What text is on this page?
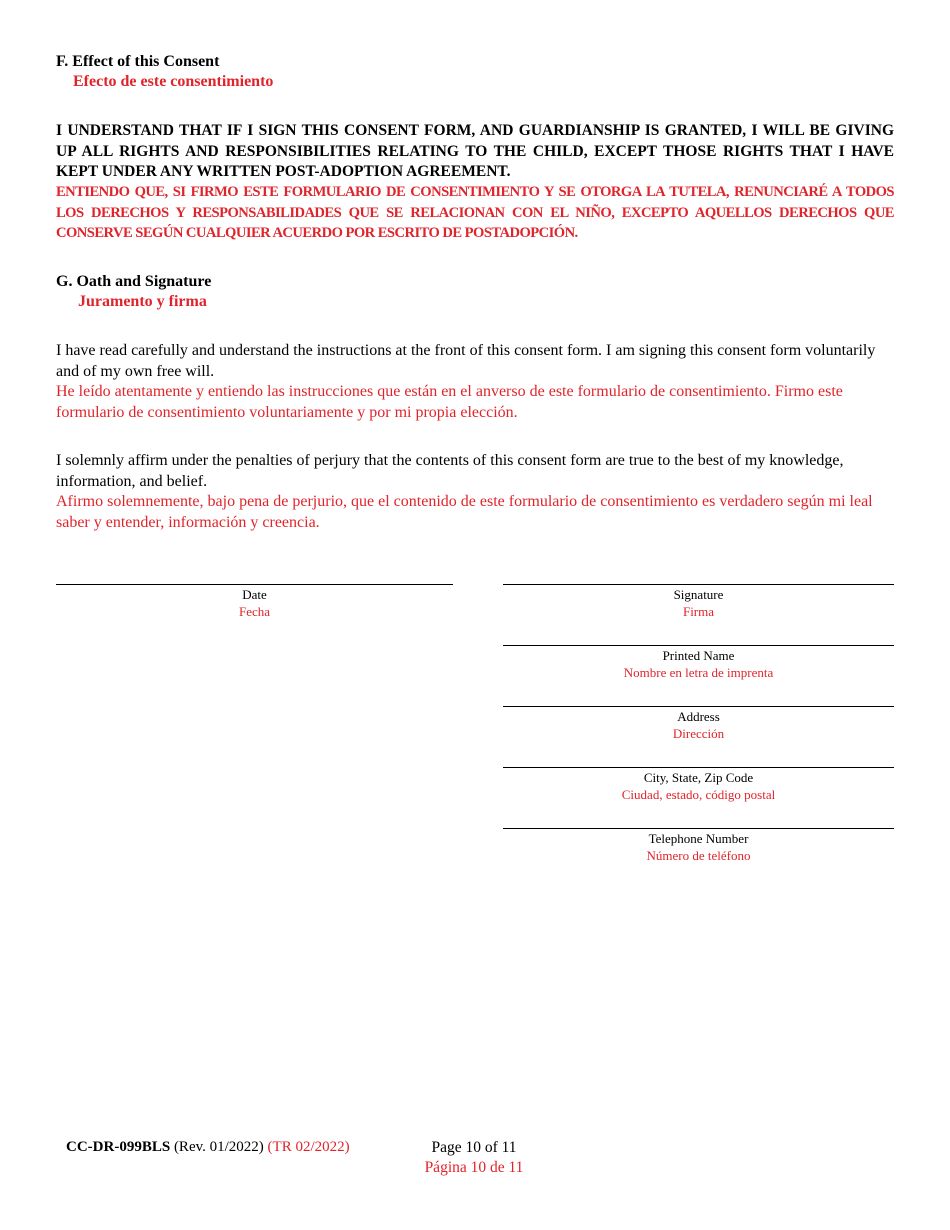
F. Effect of this Consent
Efecto de este consentimiento
I UNDERSTAND THAT IF I SIGN THIS CONSENT FORM, AND GUARDIANSHIP IS GRANTED, I WILL BE GIVING UP ALL RIGHTS AND RESPONSIBILITIES RELATING TO THE CHILD, EXCEPT THOSE RIGHTS THAT I HAVE KEPT UNDER ANY WRITTEN POST-ADOPTION AGREEMENT.
ENTIENDO QUE, SI FIRMO ESTE FORMULARIO DE CONSENTIMIENTO Y SE OTORGA LA TUTELA, RENUNCIARÉ A TODOS LOS DERECHOS Y RESPONSABILIDADES QUE SE RELACIONAN CON EL NIÑO, EXCEPTO AQUELLOS DERECHOS QUE CONSERVE SEGÚN CUALQUIER ACUERDO POR ESCRITO DE POSTADOPCIÓN.
G. Oath and Signature
Juramento y firma
I have read carefully and understand the instructions at the front of this consent form. I am signing this consent form voluntarily and of my own free will.
He leído atentamente y entiendo las instrucciones que están en el anverso de este formulario de consentimiento. Firmo este formulario de consentimiento voluntariamente y por mi propia elección.
I solemnly affirm under the penalties of perjury that the contents of this consent form are true to the best of my knowledge, information, and belief.
Afirmo solemnemente, bajo pena de perjurio, que el contenido de este formulario de consentimiento es verdadero según mi leal saber y entender, información y creencia.
Date
Fecha
Signature
Firma
Printed Name
Nombre en letra de imprenta
Address
Dirección
City, State, Zip Code
Ciudad, estado, código postal
Telephone Number
Número de teléfono
CC-DR-099BLS (Rev. 01/2022) (TR 02/2022)	Page 10 of 11
Página 10 de 11
